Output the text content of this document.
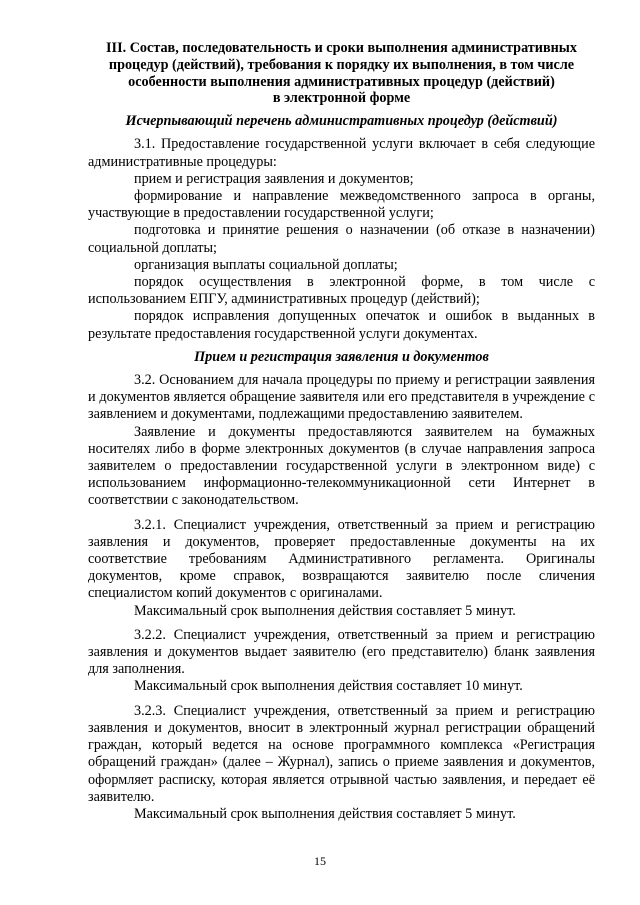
III. Состав, последовательность и сроки выполнения административных
процедур (действий), требования к порядку их выполнения, в том числе
особенности выполнения административных процедур (действий)
в электронной форме
Исчерпывающий перечень административных процедур (действий)

3.1. Предоставление государственной услуги включает в себя следующие административные процедуры:

прием и регистрация заявления и документов;

формирование и направление межведомственного запроса в органы, участвующие в предоставлении государственной услуги;

подготовка и принятие решения о назначении (об отказе в назначении) социальной доплаты;

организация выплаты социальной доплаты;

порядок осуществления в электронной форме, в том числе с использованием ЕПГУ, административных процедур (действий);

порядок исправления допущенных опечаток и ошибок в выданных в результате предоставления государственной услуги документах.

Прием и регистрация заявления и документов

3.2. Основанием для начала процедуры по приему и регистрации заявления и документов является обращение заявителя или его представителя в учреждение с заявлением и документами, подлежащими предоставлению заявителем.

Заявление и документы предоставляются заявителем на бумажных носителях либо в форме электронных документов (в случае направления запроса заявителем о предоставлении государственной услуги в электронном виде) с использованием информационно-телекоммуникационной сети Интернет в соответствии с законодательством.

3.2.1. Специалист учреждения, ответственный за прием и регистрацию заявления и документов, проверяет предоставленные документы на их соответствие требованиям Административного регламента. Оригиналы документов, кроме справок, возвращаются заявителю после сличения специалистом копий документов с оригиналами.

Максимальный срок выполнения действия составляет 5 минут.

3.2.2. Специалист учреждения, ответственный за прием и регистрацию заявления и документов выдает заявителю (его представителю) бланк заявления для заполнения.

Максимальный срок выполнения действия составляет 10 минут.

3.2.3. Специалист учреждения, ответственный за прием и регистрацию заявления и документов, вносит в электронный журнал регистрации обращений граждан, который ведется на основе программного комплекса «Регистрация обращений граждан» (далее – Журнал), запись о приеме заявления и документов, оформляет расписку, которая является отрывной частью заявления, и передает её заявителю.

Максимальный срок выполнения действия составляет 5 минут.

15
